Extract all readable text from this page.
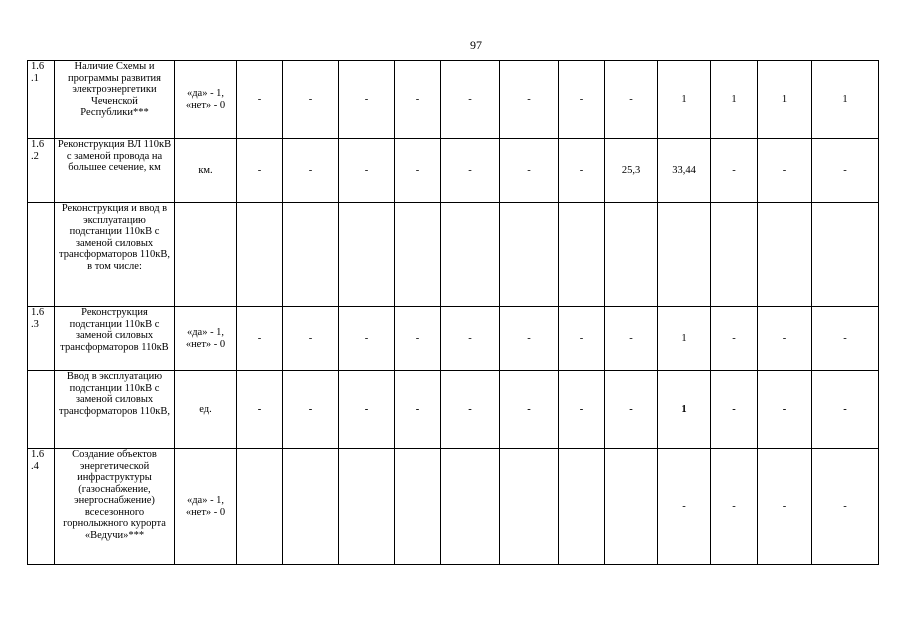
97
1.6
.1	Наличие Схемы и программы развития электроэнергетики Чеченской Республики***	«да» - 1, «нет» - 0	-	-	-	-	-	-	-	-	1	1	1	1
1.6
.2	Реконструкция ВЛ 110кВ с заменой провода на большее сечение, км	км.	-	-	-	-	-	-	-	25,3	33,44	-	-	-
	Реконструкция и ввод в эксплуатацию подстанции 110кВ с заменой силовых трансформаторов 110кВ, в том числе:													
1.6
.3	Реконструкция подстанции 110кВ с заменой силовых трансформаторов 110кВ	«да» - 1, «нет» - 0	-	-	-	-	-	-	-	-	1	-	-	-
	Ввод в эксплуатацию подстанции 110кВ с заменой силовых трансформаторов 110кВ,	ед.	-	-	-	-	-	-	-	-	1	-	-	-
1.6
.4	Создание объектов энергетической инфраструктуры (газоснабжение, энергоснабжение) всесезонного горнолыжного курорта «Ведучи»***	«да» - 1, «нет» - 0									-	-	-	-
